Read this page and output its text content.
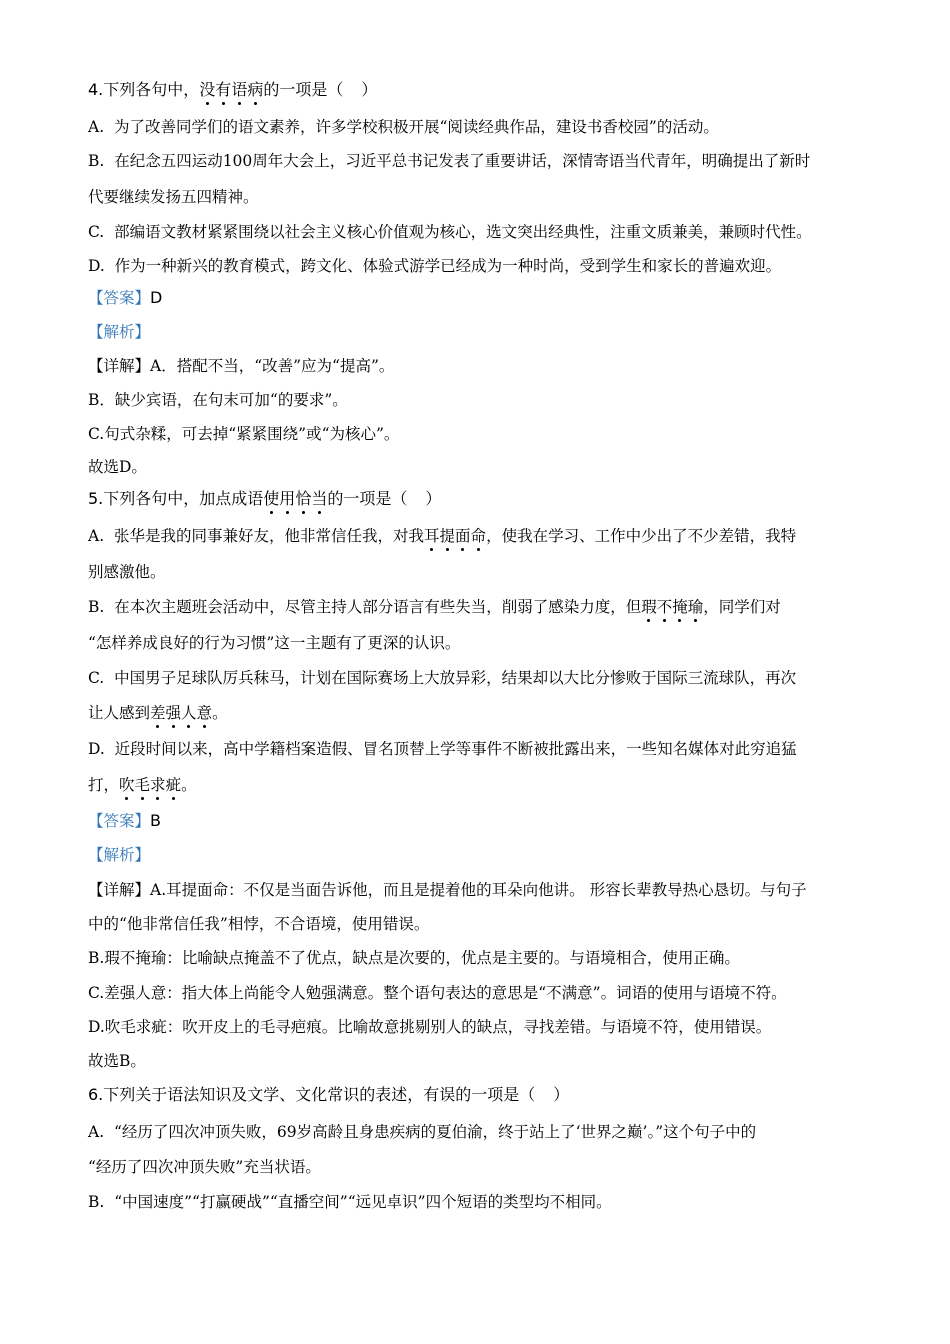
4.下列各句中，没有语病的一项是（ ）
A. 为了改善同学们的语文素养，许多学校积极开展“阅读经典作品，建设书香校园”的活动。
B. 在纪念五四运动100周年大会上，习近平总书记发表了重要讲话，深情寄语当代青年，明确提出了新时
代要继续发扬五四精神。
C. 部编语文教材紧紧围绕以社会主义核心价值观为核心，选文突出经典性，注重文质兼美，兼顾时代性。
D. 作为一种新兴的教育模式，跨文化、体验式游学已经成为一种时尚，受到学生和家长的普遍欢迎。
【答案】D
【解析】
【详解】A．搭配不当，“改善”应为“提高”。
B．缺少宾语，在句末可加“的要求”。
C.句式杂糅，可去掉“紧紧围绕”或“为核心”。
故选D。
5.下列各句中，加点成语使用恰当的一项是（ ）
A. 张华是我的同事兼好友，他非常信任我，对我耳提面命，使我在学习、工作中少出了不少差错，我特
别感激他。
B. 在本次主题班会活动中，尽管主持人部分语言有些失当，削弱了感染力度，但瑕不掩瑜，同学们对
“怎样养成良好的行为习惯”这一主题有了更深的认识。
C. 中国男子足球队厉兵秣马，计划在国际赛场上大放异彩，结果却以大比分惨败于国际三流球队，再次
让人感到差强人意。
D. 近段时间以来，高中学籍档案造假、冒名顶替上学等事件不断被批露出来，一些知名媒体对此穷追猛
打，吹毛求疵。
【答案】B
【解析】
【详解】A.耳提面命：不仅是当面告诉他，而且是提着他的耳朵向他讲。 形容长辈教导热心恳切。与句子
中的“他非常信任我”相悖，不合语境，使用错误。
B.瑕不掩瑜：比喻缺点掩盖不了优点，缺点是次要的，优点是主要的。与语境相合，使用正确。
C.差强人意：指大体上尚能令人勉强满意。整个语句表达的意思是“不满意”。词语的使用与语境不符。
D.吹毛求疵：吹开皮上的毛寻疤痕。比喻故意挑剔别人的缺点，寻找差错。与语境不符，使用错误。
故选B。
6.下列关于语法知识及文学、文化常识的表述，有误的一项是（ ）
A. “经历了四次冲顶失败，69岁高龄且身患疾病的夏伯渝，终于站上了‘世界之巅’。”这个句子中的
“经历了四次冲顶失败”充当状语。
B. “中国速度”“打赢硬战”“直播空间”“远见卓识”四个短语的类型均不相同。
